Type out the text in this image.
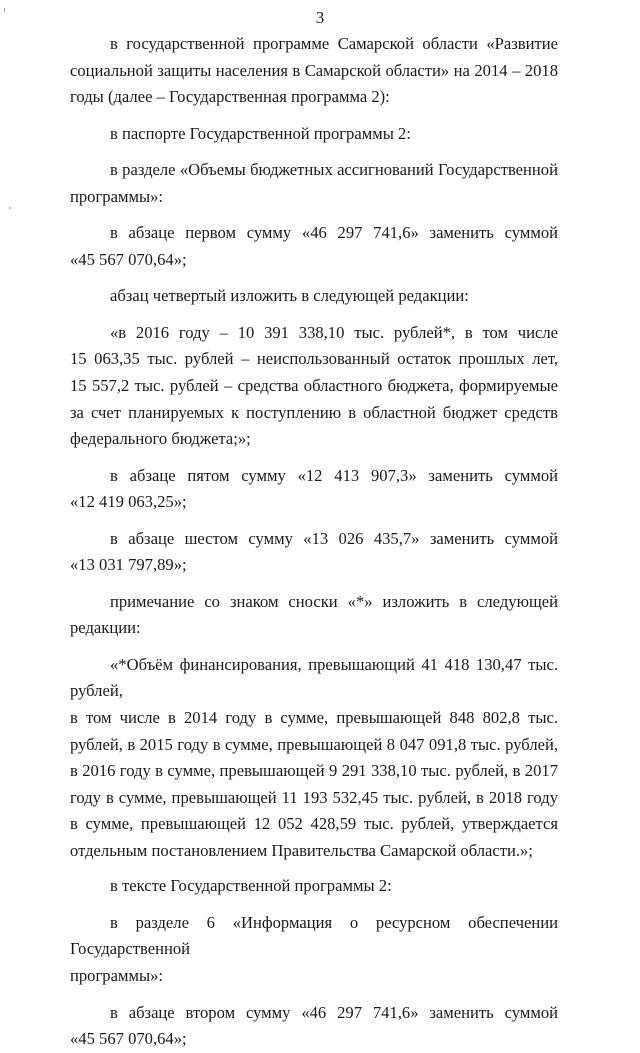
3

в государственной программе Самарской области «Развитие

социальной защиты населения в Самарской области» на 2014 – 2018 годы (далее – Государственная программа 2):

в паспорте Государственной программы 2:

в разделе «Объемы бюджетных ассигнований Государственной

программы»:

в абзаце первом сумму «46 297 741,6» заменить суммой

«45 567 070,64»;

абзац четвертый изложить в следующей редакции:

«в 2016 году – 10 391 338,10 тыс. рублей*, в том числе

15 063,35 тыс. рублей – неиспользованный остаток прошлых лет,

15 557,2 тыс. рублей – средства областного бюджета, формируемые за счет планируемых к поступлению в областной бюджет средств федерального бюджета;»;

в абзаце пятом сумму «12 413 907,3» заменить суммой

«12 419 063,25»;

в абзаце шестом сумму «13 026 435,7» заменить суммой

«13 031 797,89»;

примечание со знаком сноски «*» изложить в следующей редакции:

«*Объём финансирования, превышающий 41 418 130,47 тыс. рублей,

в том числе в 2014 году в сумме, превышающей 848 802,8 тыс. рублей, в 2015 году в сумме, превышающей 8 047 091,8 тыс. рублей, в 2016 году в сумме, превышающей 9 291 338,10 тыс. рублей, в 2017 году в сумме, превышающей 11 193 532,45 тыс. рублей, в 2018 году в сумме, превышающей 12 052 428,59 тыс. рублей, утверждается отдельным постановлением Правительства Самарской области.»;

в тексте Государственной программы 2:

в разделе 6 «Информация о ресурсном обеспечении Государственной

программы»:

в абзаце втором сумму «46 297 741,6» заменить суммой

«45 567 070,64»;
